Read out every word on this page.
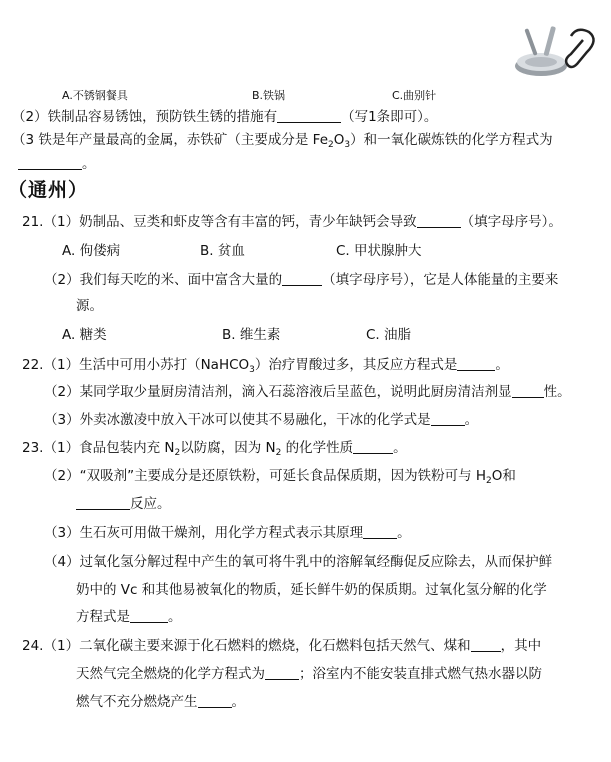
A.不锈钢餐具	B.铁锅	C.曲别针
（2）铁制品容易锈蚀，预防铁生锈的措施有	（写1条即可）。
（3 铁是年产量最高的金属，赤铁矿（主要成分是 $Fe_2O_3$）和一氧化碳炼铁的化学方程式为
。
（通州）
21.（1）奶制品、豆类和虾皮等含有丰富的钙，青少年缺钙会导致	（填字母序号）。
A. 佝偻病	B. 贫血	C. 甲状腺肿大
（2）我们每天吃的米、面中富含大量的	（填字母序号），它是人体能量的主要来
源。
A. 糖类	B. 维生素	C. 油脂
22.（1）生活中可用小苏打（NaHCO$_3$）治疗胃酸过多，其反应方程式是	。
（2）某同学取少量厨房清洁剂，滴入石蕊溶液后呈蓝色，说明此厨房清洁剂显 性。
（3）外卖冰激凌中放入干冰可以使其不易融化，干冰的化学式是	。
23.（1）食品包装内充 $N_2$以防腐，因为 $N_2$ 的化学性质	。
（2）“双吸剂”主要成分是还原铁粉，可延长食品保质期，因为铁粉可与 $H_2O$和
反应。
（3）生石灰可用做干燥剂，用化学方程式表示其原理	。
（4）过氧化氢分解过程中产生的氧可将牛乳中的溶解氧经酶促反应除去，从而保护鲜
奶中的 Vc 和其他易被氧化的物质，延长鲜牛奶的保质期。过氧化氢分解的化学
方程式是	。
24.（1）二氧化碳主要来源于化石燃料的燃烧，化石燃料包括天然气、煤和 ，其中
天然气完全燃烧的化学方程式为	；浴室内不能安装直排式燃气热水器以防
燃气不充分燃烧产生	。
